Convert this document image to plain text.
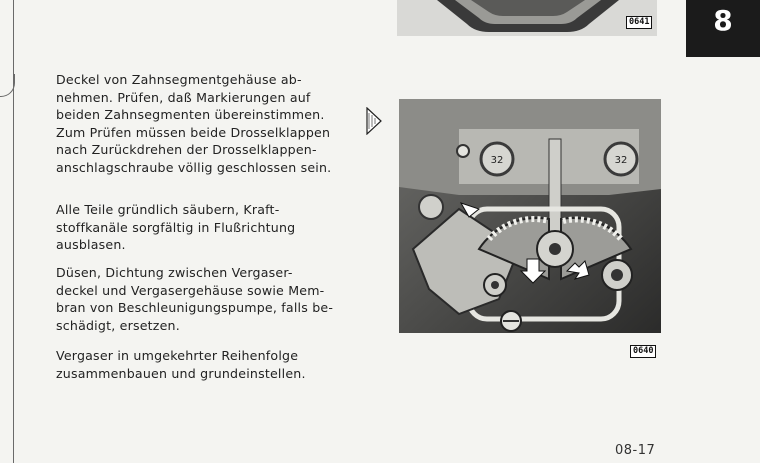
0641	8
Deckel von Zahnsegmentgehäuse ab-
nehmen. Prüfen, daß Markierungen auf
beiden Zahnsegmenten übereinstimmen.
Zum Prüfen müssen beide Drosselklappen
nach Zurückdrehen der Drosselklappen-
anschlagschraube völlig geschlossen sein.
Alle Teile gründlich säubern, Kraft-
stoffkanäle sorgfältig in Flußrichtung
ausblasen.
Düsen, Dichtung zwischen Vergaser-
deckel und Vergasergehäuse sowie Mem-
bran von Beschleunigungspumpe, falls be-
schädigt, ersetzen.
Vergaser in umgekehrter Reihenfolge
zusammenbauen und grundeinstellen.
32	32
0640
08-17
